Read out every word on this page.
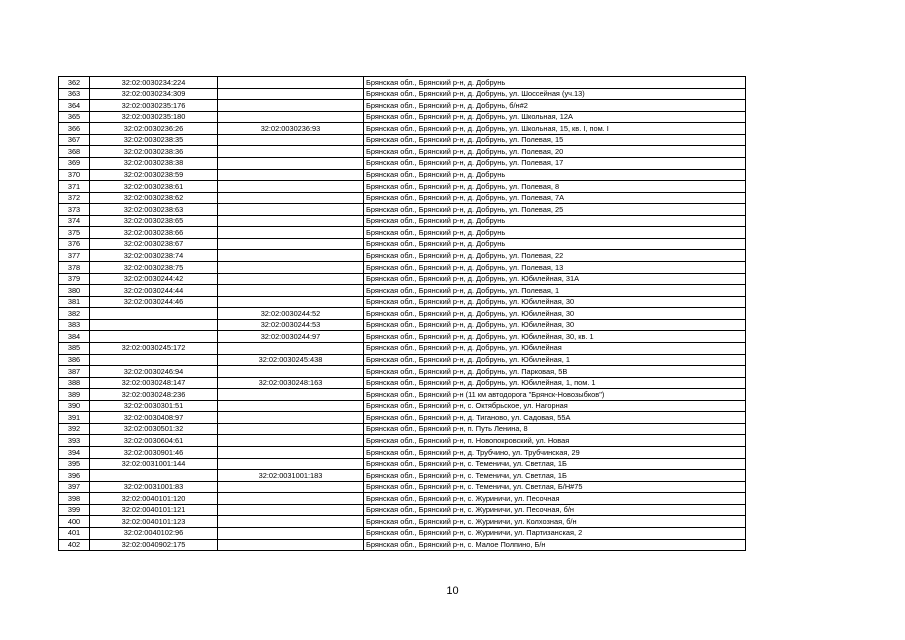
362	32:02:0030234:224		Брянская обл., Брянский р-н, д. Добрунь
363	32:02:0030234:309		Брянская обл., Брянский р-н, д. Добрунь, ул. Шоссейная (уч.13)
364	32:02:0030235:176		Брянская обл., Брянский р-н, д. Добрунь, б/н#2
365	32:02:0030235:180		Брянская обл., Брянский р-н, д. Добрунь, ул. Школьная, 12А
366	32:02:0030236:26	32:02:0030236:93	Брянская обл., Брянский р-н, д. Добрунь, ул. Школьная, 15, кв. I, пом. I
367	32:02:0030238:35		Брянская обл., Брянский р-н, д. Добрунь, ул. Полевая, 15
368	32:02:0030238:36		Брянская обл., Брянский р-н, д. Добрунь, ул. Полевая, 20
369	32:02:0030238:38		Брянская обл., Брянский р-н, д. Добрунь, ул. Полевая, 17
370	32:02:0030238:59		Брянская обл., Брянский р-н, д. Добрунь
371	32:02:0030238:61		Брянская обл., Брянский р-н, д. Добрунь, ул. Полевая, 8
372	32:02:0030238:62		Брянская обл., Брянский р-н, д. Добрунь, ул. Полевая, 7А
373	32:02:0030238:63		Брянская обл., Брянский р-н, д. Добрунь, ул. Полевая, 25
374	32:02:0030238:65		Брянская обл., Брянский р-н, д. Добрунь
375	32:02:0030238:66		Брянская обл., Брянский р-н, д. Добрунь
376	32:02:0030238:67		Брянская обл., Брянский р-н, д. Добрунь
377	32:02:0030238:74		Брянская обл., Брянский р-н, д. Добрунь, ул. Полевая, 22
378	32:02:0030238:75		Брянская обл., Брянский р-н, д. Добрунь, ул. Полевая, 13
379	32:02:0030244:42		Брянская обл., Брянский р-н, д. Добрунь, ул. Юбилейная, 31А
380	32:02:0030244:44		Брянская обл., Брянский р-н, д. Добрунь, ул. Полевая, 1
381	32:02:0030244:46		Брянская обл., Брянский р-н, д. Добрунь, ул. Юбилейная, 30
382		32:02:0030244:52	Брянская обл., Брянский р-н, д. Добрунь, ул. Юбилейная, 30
383		32:02:0030244:53	Брянская обл., Брянский р-н, д. Добрунь, ул. Юбилейная, 30
384		32:02:0030244:97	Брянская обл., Брянский р-н, д. Добрунь, ул. Юбилейная, 30, кв. 1
385	32:02:0030245:172		Брянская обл., Брянский р-н, д. Добрунь, ул. Юбилейная
386		32:02:0030245:438	Брянская обл., Брянский р-н, д. Добрунь, ул. Юбилейная, 1
387	32:02:0030246:94		Брянская обл., Брянский р-н, д. Добрунь, ул. Парковая, 5В
388	32:02:0030248:147	32:02:0030248:163	Брянская обл., Брянский р-н, д. Добрунь, ул. Юбилейная, 1, пом. 1
389	32:02:0030248:236		Брянская обл., Брянский р-н (11 км автодорога "Брянск-Новозыбков")
390	32:02:0030301:51		Брянская обл., Брянский р-н, с. Октябрьское, ул. Нагорная
391	32:02:0030408:97		Брянская обл., Брянский р-н, д. Тиганово, ул. Садовая, 55А
392	32:02:0030501:32		Брянская обл., Брянский р-н, п. Путь Ленина, 8
393	32:02:0030604:61		Брянская обл., Брянский р-н, п. Новопокровский, ул. Новая
394	32:02:0030901:46		Брянская обл., Брянский р-н, д. Трубчино, ул. Трубчинская, 29
395	32:02:0031001:144		Брянская обл., Брянский р-н, с. Теменичи, ул. Светлая, 1Б
396		32:02:0031001:183	Брянская обл., Брянский р-н, с. Теменичи, ул. Светлая, 1Б
397	32:02:0031001:83		Брянская обл., Брянский р-н, с. Теменичи, ул. Светлая, Б/Н#75
398	32:02:0040101:120		Брянская обл., Брянский р-н, с. Журиничи, ул. Песочная
399	32:02:0040101:121		Брянская обл., Брянский р-н, с. Журиничи, ул. Песочная, б/н
400	32:02:0040101:123		Брянская обл., Брянский р-н, с. Журиничи, ул. Колхозная, б/н
401	32:02:0040102:96		Брянская обл., Брянский р-н, с. Журиничи, ул. Партизанская, 2
402	32:02:0040902:175		Брянская обл., Брянский р-н, с. Малое Полпино, Б/н
10
